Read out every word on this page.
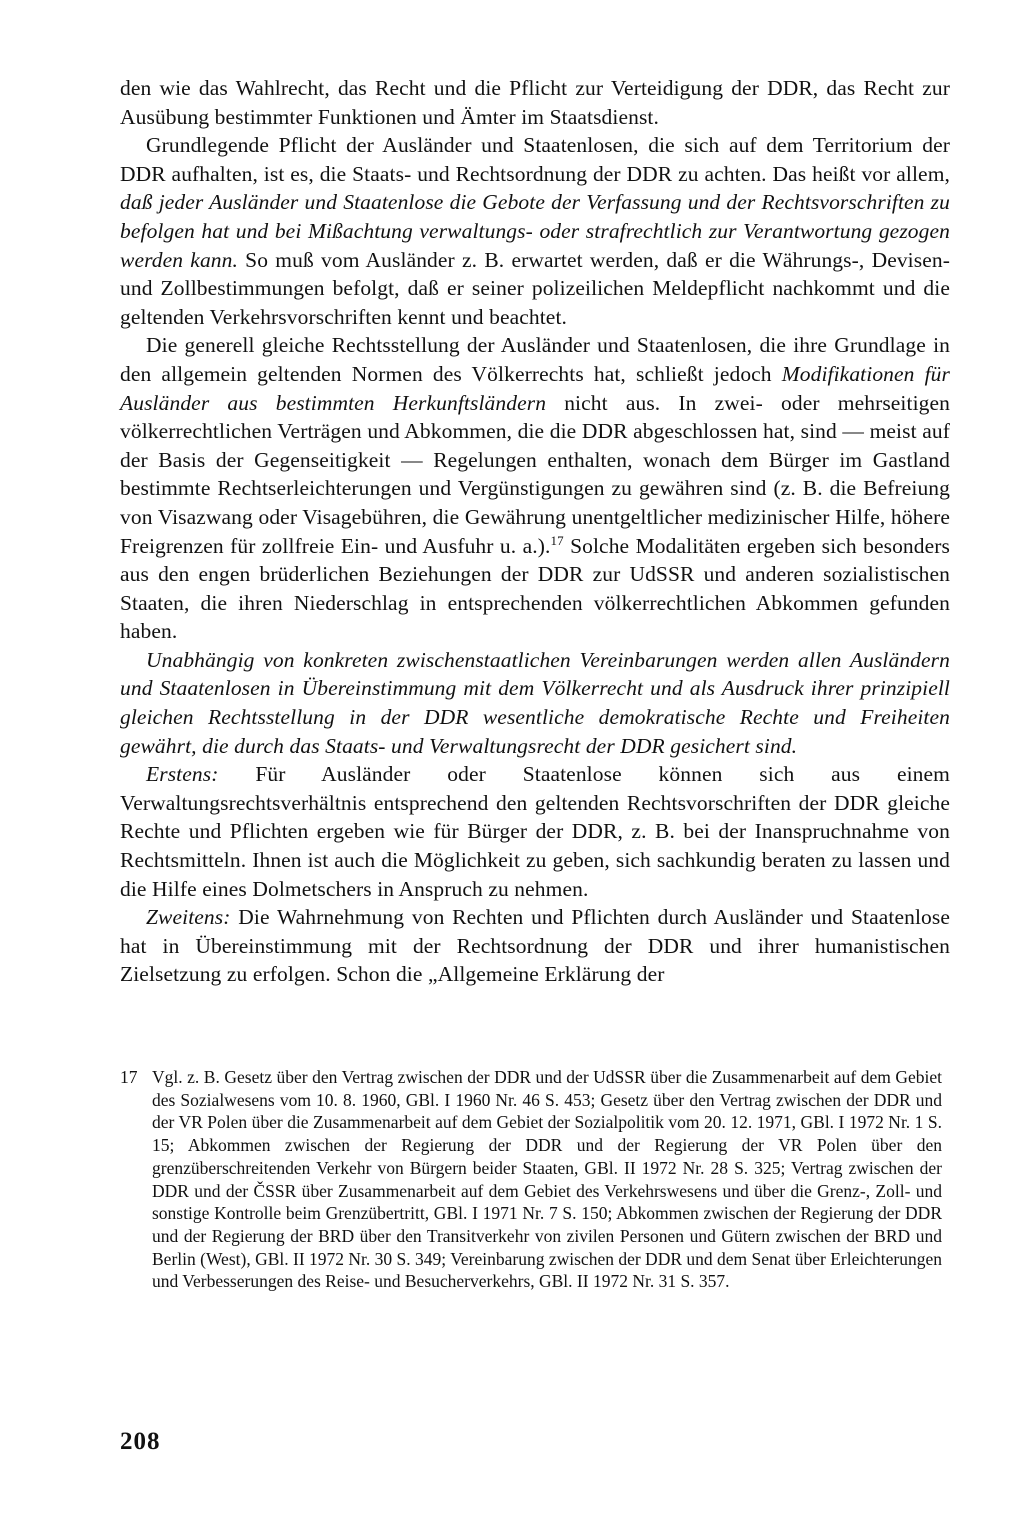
den wie das Wahlrecht, das Recht und die Pflicht zur Verteidigung der DDR, das Recht zur Ausübung bestimmter Funktionen und Ämter im Staatsdienst.

Grundlegende Pflicht der Ausländer und Staatenlosen, die sich auf dem Territorium der DDR aufhalten, ist es, die Staats- und Rechtsordnung der DDR zu achten. Das heißt vor allem, daß jeder Ausländer und Staatenlose die Gebote der Verfassung und der Rechtsvorschriften zu befolgen hat und bei Mißachtung verwaltungs- oder strafrechtlich zur Verantwortung gezogen werden kann. So muß vom Ausländer z. B. erwartet werden, daß er die Währungs-, Devisen- und Zollbestimmungen befolgt, daß er seiner polizeilichen Meldepflicht nachkommt und die geltenden Verkehrsvorschriften kennt und beachtet.

Die generell gleiche Rechtsstellung der Ausländer und Staatenlosen, die ihre Grundlage in den allgemein geltenden Normen des Völkerrechts hat, schließt jedoch Modifikationen für Ausländer aus bestimmten Herkunftsländern nicht aus. In zwei- oder mehrseitigen völkerrechtlichen Verträgen und Abkommen, die die DDR abgeschlossen hat, sind — meist auf der Basis der Gegenseitigkeit — Regelungen enthalten, wonach dem Bürger im Gastland bestimmte Rechtserleichterungen und Vergünstigungen zu gewähren sind (z. B. die Befreiung von Visazwang oder Visagebühren, die Gewährung unentgeltlicher medizinischer Hilfe, höhere Freigrenzen für zollfreie Ein- und Ausfuhr u. a.).$^{17}$ Solche Modalitäten ergeben sich besonders aus den engen brüderlichen Beziehungen der DDR zur UdSSR und anderen sozialistischen Staaten, die ihren Niederschlag in entsprechenden völkerrechtlichen Abkommen gefunden haben.

Unabhängig von konkreten zwischenstaatlichen Vereinbarungen werden allen Ausländern und Staatenlosen in Übereinstimmung mit dem Völkerrecht und als Ausdruck ihrer prinzipiell gleichen Rechtsstellung in der DDR wesentliche demokratische Rechte und Freiheiten gewährt, die durch das Staats- und Verwaltungsrecht der DDR gesichert sind.

Erstens: Für Ausländer oder Staatenlose können sich aus einem Verwaltungsrechtsverhältnis entsprechend den geltenden Rechtsvorschriften der DDR gleiche Rechte und Pflichten ergeben wie für Bürger der DDR, z. B. bei der Inanspruchnahme von Rechtsmitteln. Ihnen ist auch die Möglichkeit zu geben, sich sachkundig beraten zu lassen und die Hilfe eines Dolmetschers in Anspruch zu nehmen.

Zweitens: Die Wahrnehmung von Rechten und Pflichten durch Ausländer und Staatenlose hat in Übereinstimmung mit der Rechtsordnung der DDR und ihrer humanistischen Zielsetzung zu erfolgen. Schon die „Allgemeine Erklärung der

17 Vgl. z. B. Gesetz über den Vertrag zwischen der DDR und der UdSSR über die Zusammenarbeit auf dem Gebiet des Sozialwesens vom 10. 8. 1960, GBl. I 1960 Nr. 46 S. 453; Gesetz über den Vertrag zwischen der DDR und der VR Polen über die Zusammenarbeit auf dem Gebiet der Sozialpolitik vom 20. 12. 1971, GBl. I 1972 Nr. 1 S. 15; Abkommen zwischen der Regierung der DDR und der Regierung der VR Polen über den grenzüberschreitenden Verkehr von Bürgern beider Staaten, GBl. II 1972 Nr. 28 S. 325; Vertrag zwischen der DDR und der ČSSR über Zusammenarbeit auf dem Gebiet des Verkehrswesens und über die Grenz-, Zoll- und sonstige Kontrolle beim Grenzübertritt, GBl. I 1971 Nr. 7 S. 150; Abkommen zwischen der Regierung der DDR und der Regierung der BRD über den Transitverkehr von zivilen Personen und Gütern zwischen der BRD und Berlin (West), GBl. II 1972 Nr. 30 S. 349; Vereinbarung zwischen der DDR und dem Senat über Erleichterungen und Verbesserungen des Reise- und Besucherverkehrs, GBl. II 1972 Nr. 31 S. 357.
208
